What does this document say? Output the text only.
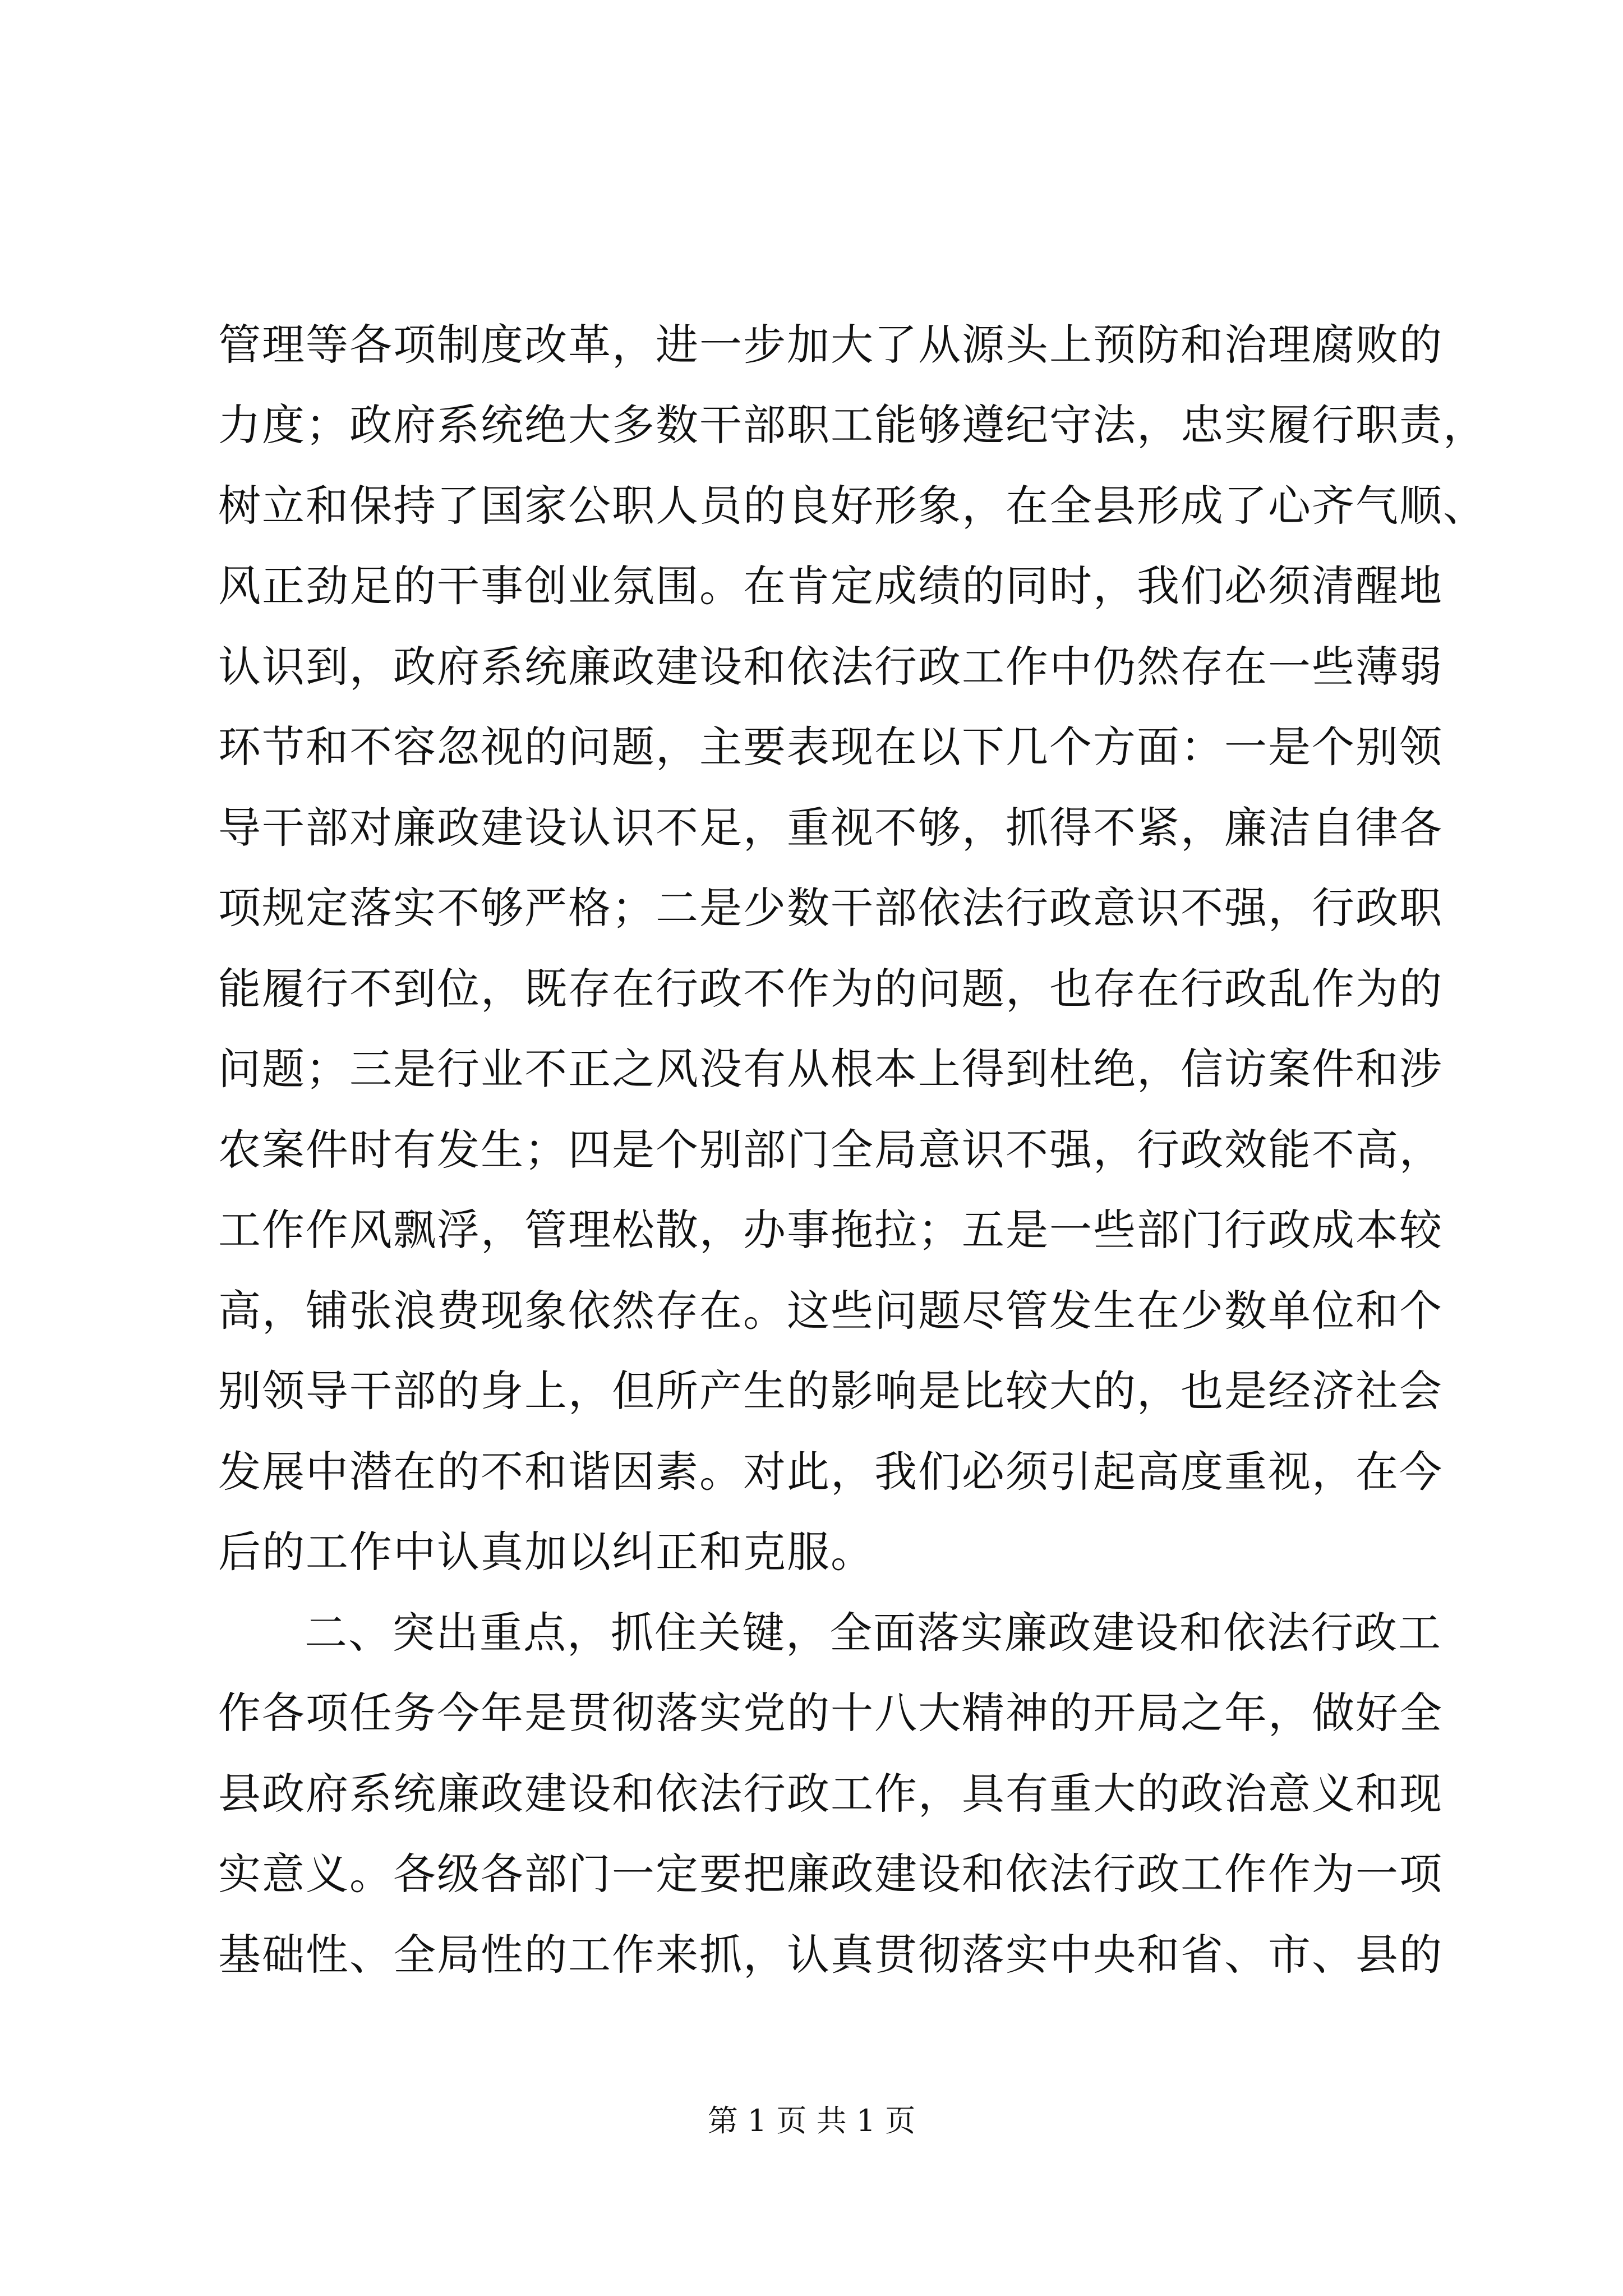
管理等各项制度改革，进一步加大了从源头上预防和治理腐败的
力度；政府系统绝大多数干部职工能够遵纪守法，忠实履行职责，
树立和保持了国家公职人员的良好形象，在全县形成了心齐气顺、
风正劲足的干事创业氛围。在肯定成绩的同时，我们必须清醒地
认识到，政府系统廉政建设和依法行政工作中仍然存在一些薄弱
环节和不容忽视的问题，主要表现在以下几个方面：一是个别领
导干部对廉政建设认识不足，重视不够，抓得不紧，廉洁自律各
项规定落实不够严格；二是少数干部依法行政意识不强，行政职
能履行不到位，既存在行政不作为的问题，也存在行政乱作为的
问题；三是行业不正之风没有从根本上得到杜绝，信访案件和涉
农案件时有发生；四是个别部门全局意识不强，行政效能不高，
工作作风飘浮，管理松散，办事拖拉；五是一些部门行政成本较
高，铺张浪费现象依然存在。这些问题尽管发生在少数单位和个
别领导干部的身上，但所产生的影响是比较大的，也是经济社会
发展中潜在的不和谐因素。对此，我们必须引起高度重视，在今
后的工作中认真加以纠正和克服。
二、突出重点，抓住关键，全面落实廉政建设和依法行政工
作各项任务今年是贯彻落实党的十八大精神的开局之年，做好全
县政府系统廉政建设和依法行政工作，具有重大的政治意义和现
实意义。各级各部门一定要把廉政建设和依法行政工作作为一项
基础性、全局性的工作来抓，认真贯彻落实中央和省、市、县的
第 1 页 共 1 页
